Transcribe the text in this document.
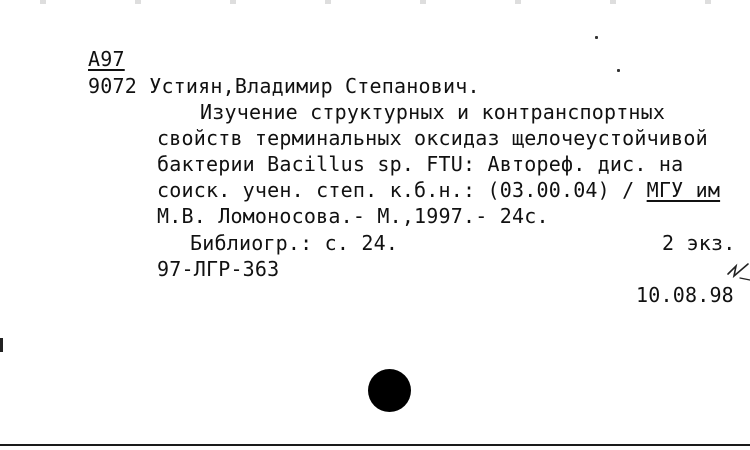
А97
9072 Устиян,Владимир Степанович.
Изучение структурных и контранспортных
свойств терминальных оксидаз щелочеустойчивой
бактерии Bacillus sp. FTU: Автореф. дис. на
соиск. учен. степ. к.б.н.: (03.00.04) / МГУ им
М.В. Ломоносова.- М.,1997.- 24с.
Библиогр.: с. 24.	2 экз.
97-ЛГР-363
10.08.98
